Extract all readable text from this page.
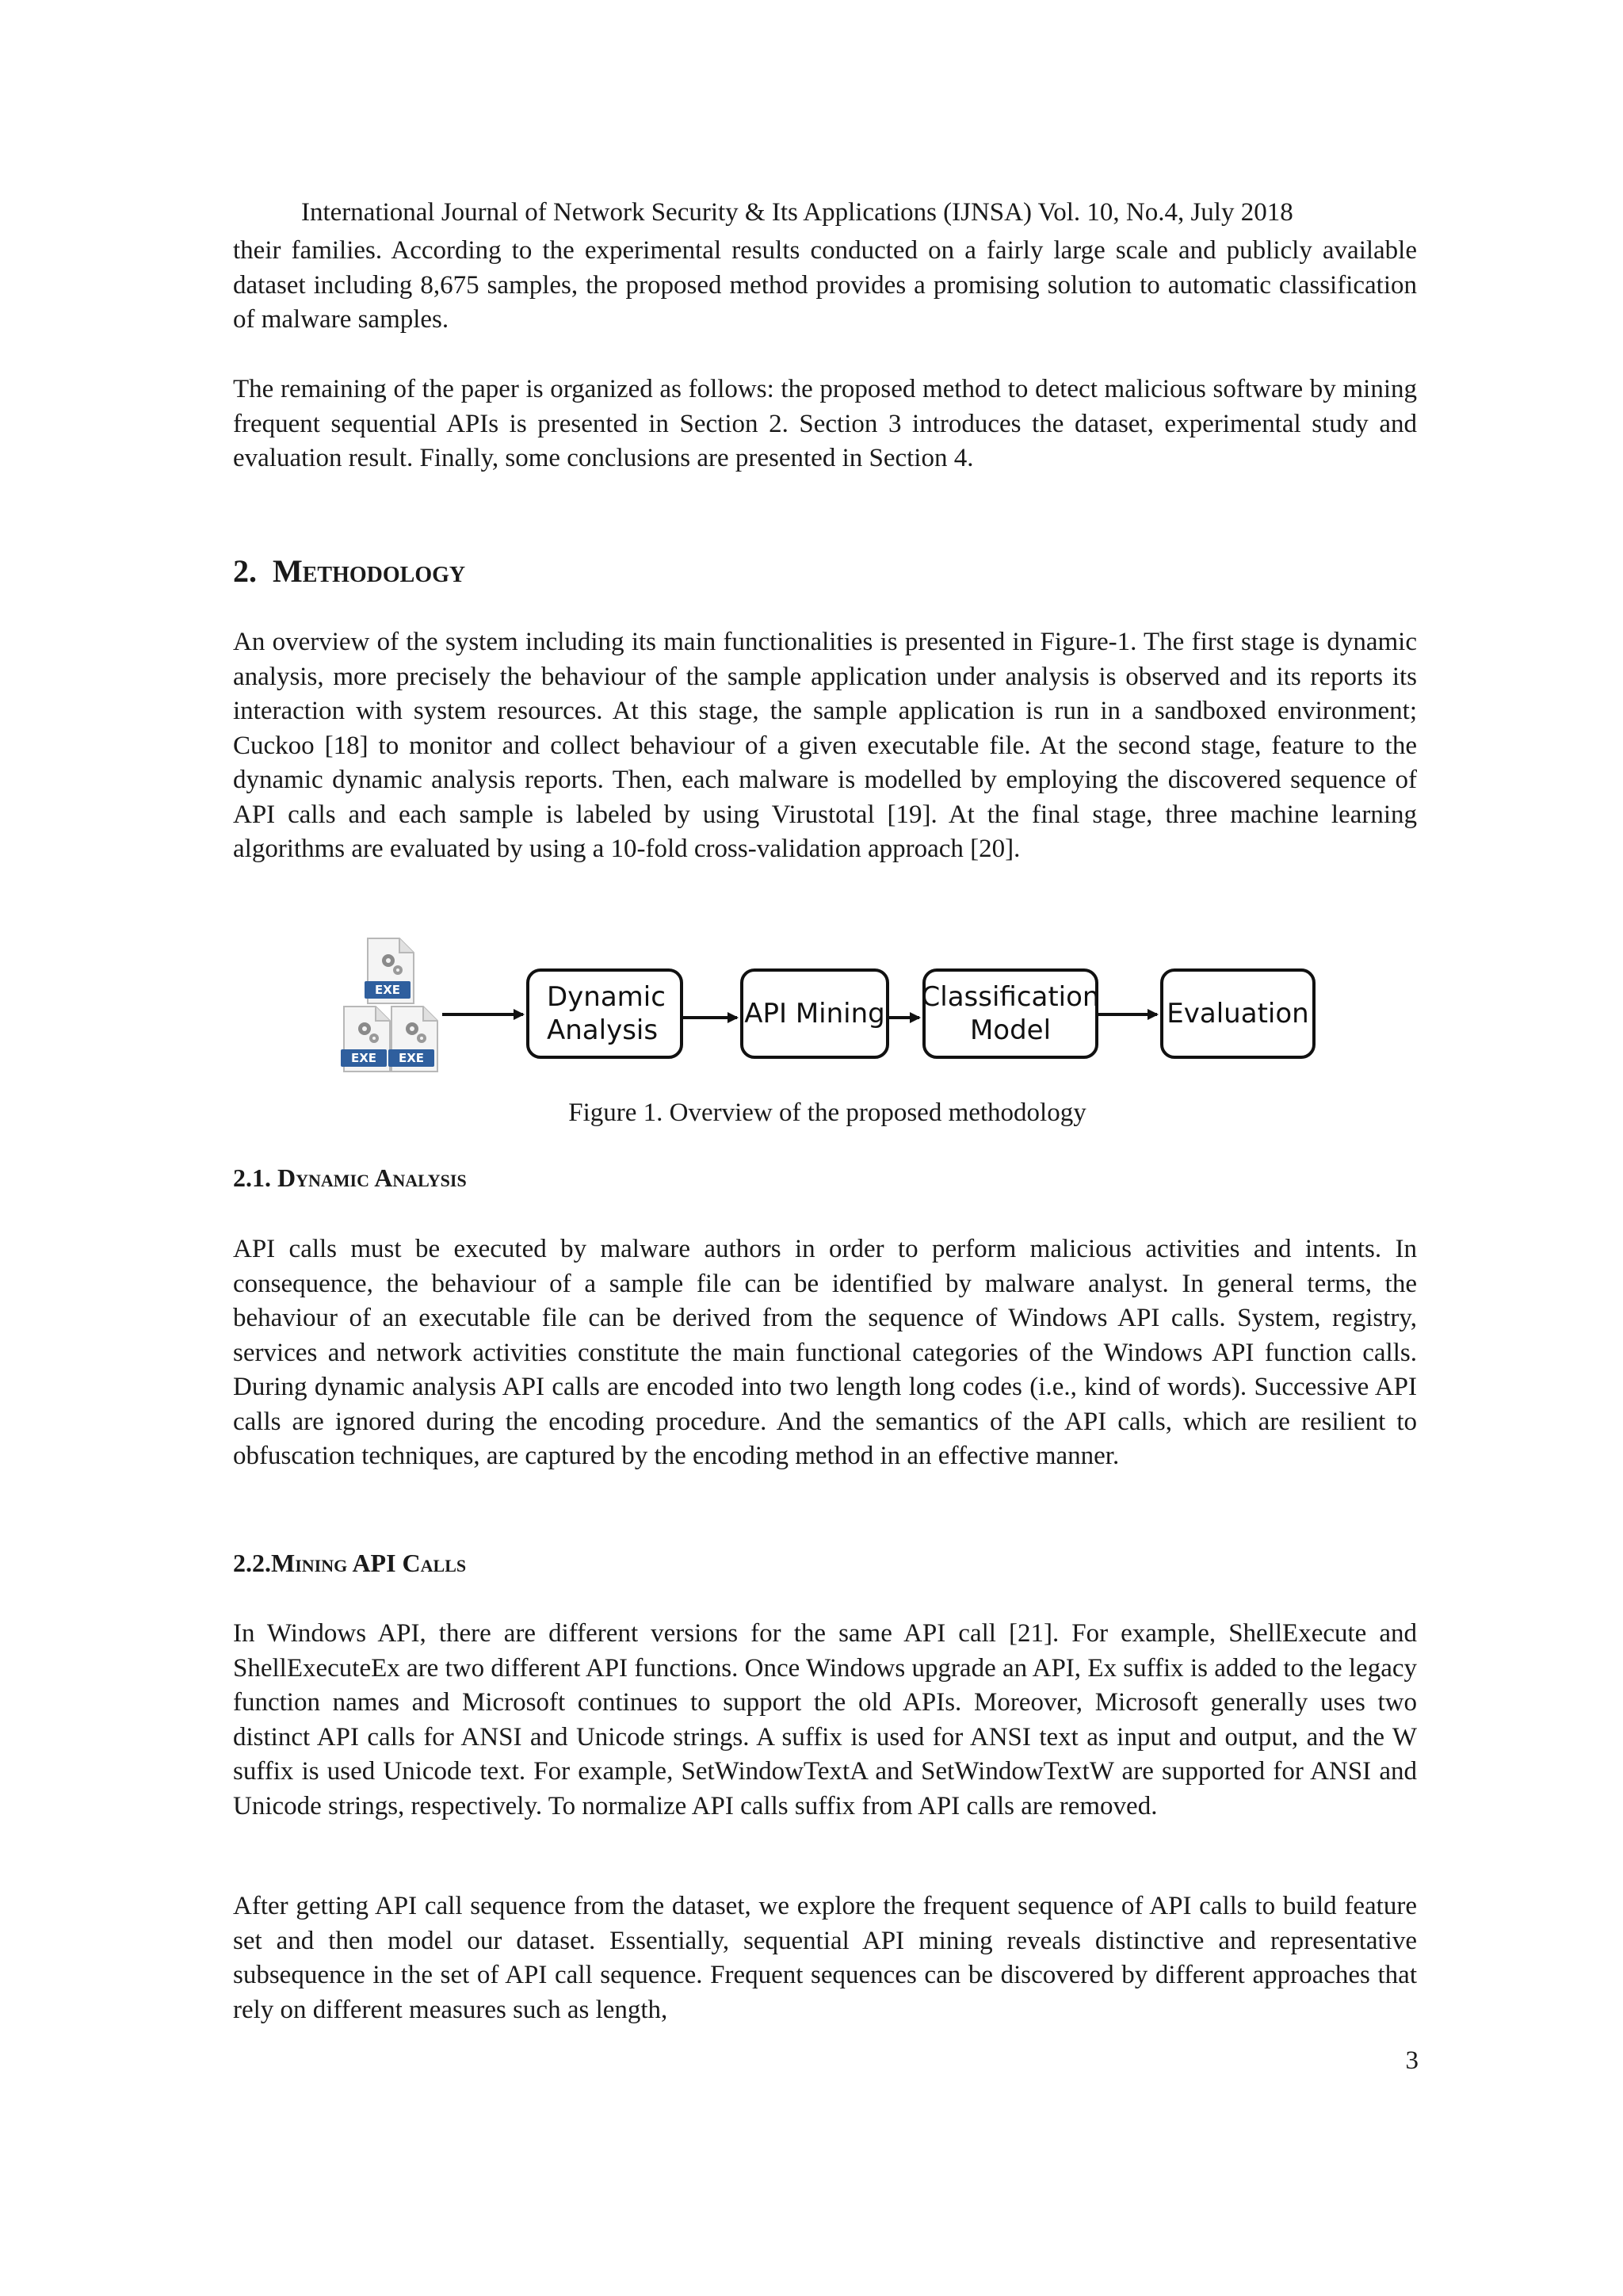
International Journal of Network Security & Its Applications (IJNSA) Vol. 10, No.4, July 2018

their families. According to the experimental results conducted on a fairly large scale and publicly available dataset including 8,675 samples, the proposed method provides a promising solution to automatic classification of malware samples.

The remaining of the paper is organized as follows: the proposed method to detect malicious software by mining frequent sequential APIs is presented in Section 2. Section 3 introduces the dataset, experimental study and evaluation result. Finally, some conclusions are presented in Section 4.

2. Methodology

An overview of the system including its main functionalities is presented in Figure-1. The first stage is dynamic analysis, more precisely the behaviour of the sample application under analysis is observed and its reports its interaction with system resources. At this stage, the sample application is run in a sandboxed environment; Cuckoo [18] to monitor and collect behaviour of a given executable file. At the second stage, feature to the dynamic dynamic analysis reports. Then, each malware is modelled by employing the discovered sequence of API calls and each sample is labeled by using Virustotal [19]. At the final stage, three machine learning algorithms are evaluated by using a 10-fold cross-validation approach [20].

EXE
EXE	EXE
Dynamic
Analysis
API Mining
Classification
Model
Evaluation
Figure 1. Overview of the proposed methodology
2.1. Dynamic Analysis

API calls must be executed by malware authors in order to perform malicious activities and intents. In consequence, the behaviour of a sample file can be identified by malware analyst. In general terms, the behaviour of an executable file can be derived from the sequence of Windows API calls. System, registry, services and network activities constitute the main functional categories of the Windows API function calls. During dynamic analysis API calls are encoded into two length long codes (i.e., kind of words). Successive API calls are ignored during the encoding procedure. And the semantics of the API calls, which are resilient to obfuscation techniques, are captured by the encoding method in an effective manner.

2.2.Mining API Calls

In Windows API, there are different versions for the same API call [21]. For example, ShellExecute and ShellExecuteEx are two different API functions. Once Windows upgrade an API, Ex suffix is added to the legacy function names and Microsoft continues to support the old APIs. Moreover, Microsoft generally uses two distinct API calls for ANSI and Unicode strings. A suffix is used for ANSI text as input and output, and the W suffix is used Unicode text. For example, SetWindowTextA and SetWindowTextW are supported for ANSI and Unicode strings, respectively. To normalize API calls suffix from API calls are removed.

After getting API call sequence from the dataset, we explore the frequent sequence of API calls to build feature set and then model our dataset. Essentially, sequential API mining reveals distinctive and representative subsequence in the set of API call sequence. Frequent sequences can be discovered by different approaches that rely on different measures such as length,

3
